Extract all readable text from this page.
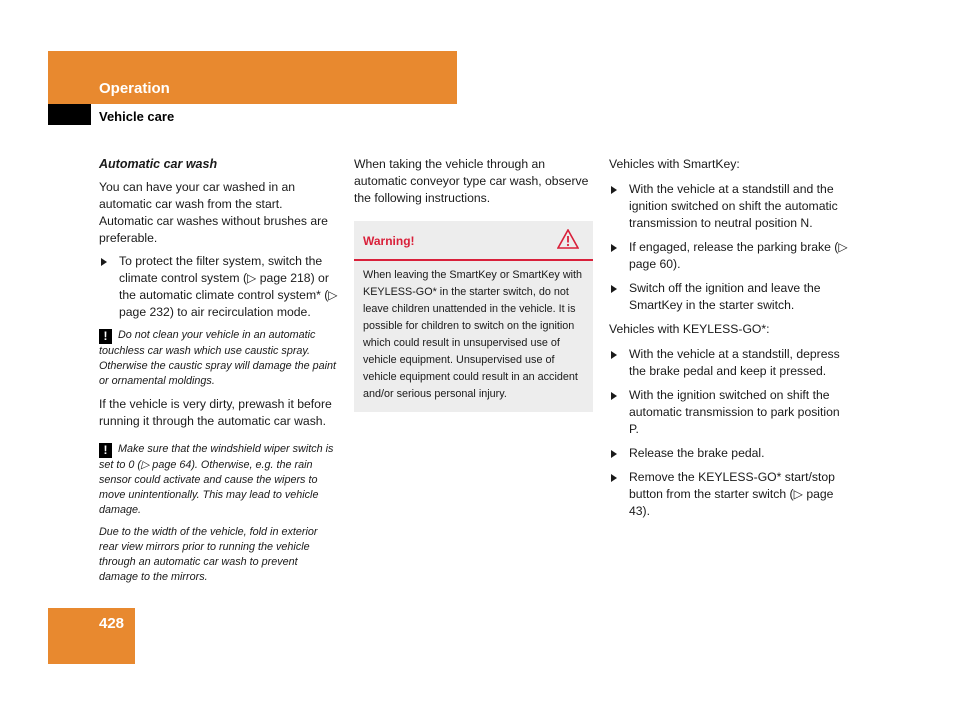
Operation
Vehicle care
Automatic car wash

You can have your car washed in an automatic car wash from the start. Automatic car washes without brushes are preferable.

To protect the filter system, switch the climate control system (▷ page 218) or the automatic climate control system* (▷ page 232) to air recirculation mode.
! Do not clean your vehicle in an automatic touchless car wash which use caustic spray. Otherwise the caustic spray will damage the paint or ornamental moldings.

If the vehicle is very dirty, prewash it before running it through the automatic car wash.

! Make sure that the windshield wiper switch is set to 0 (▷ page 64). Otherwise, e.g. the rain sensor could activate and cause the wipers to move unintentionally. This may lead to vehicle damage.
Due to the width of the vehicle, fold in exterior rear view mirrors prior to running the vehicle through an automatic car wash to prevent damage to the mirrors.

When taking the vehicle through an automatic conveyor type car wash, observe the following instructions.

Warning!
When leaving the SmartKey or SmartKey with KEYLESS-GO* in the starter switch, do not leave children unattended in the vehicle. It is possible for children to switch on the ignition which could result in unsupervised use of vehicle equipment. Unsupervised use of vehicle equipment could result in an accident and/or serious personal injury.

Vehicles with SmartKey:

With the vehicle at a standstill and the ignition switched on shift the automatic transmission to neutral position N.
If engaged, release the parking brake (▷ page 60).
Switch off the ignition and leave the SmartKey in the starter switch.

Vehicles with KEYLESS-GO*:

With the vehicle at a standstill, depress the brake pedal and keep it pressed.
With the ignition switched on shift the automatic transmission to park position P.
Release the brake pedal.
Remove the KEYLESS-GO* start/stop button from the starter switch (▷ page 43).
428
